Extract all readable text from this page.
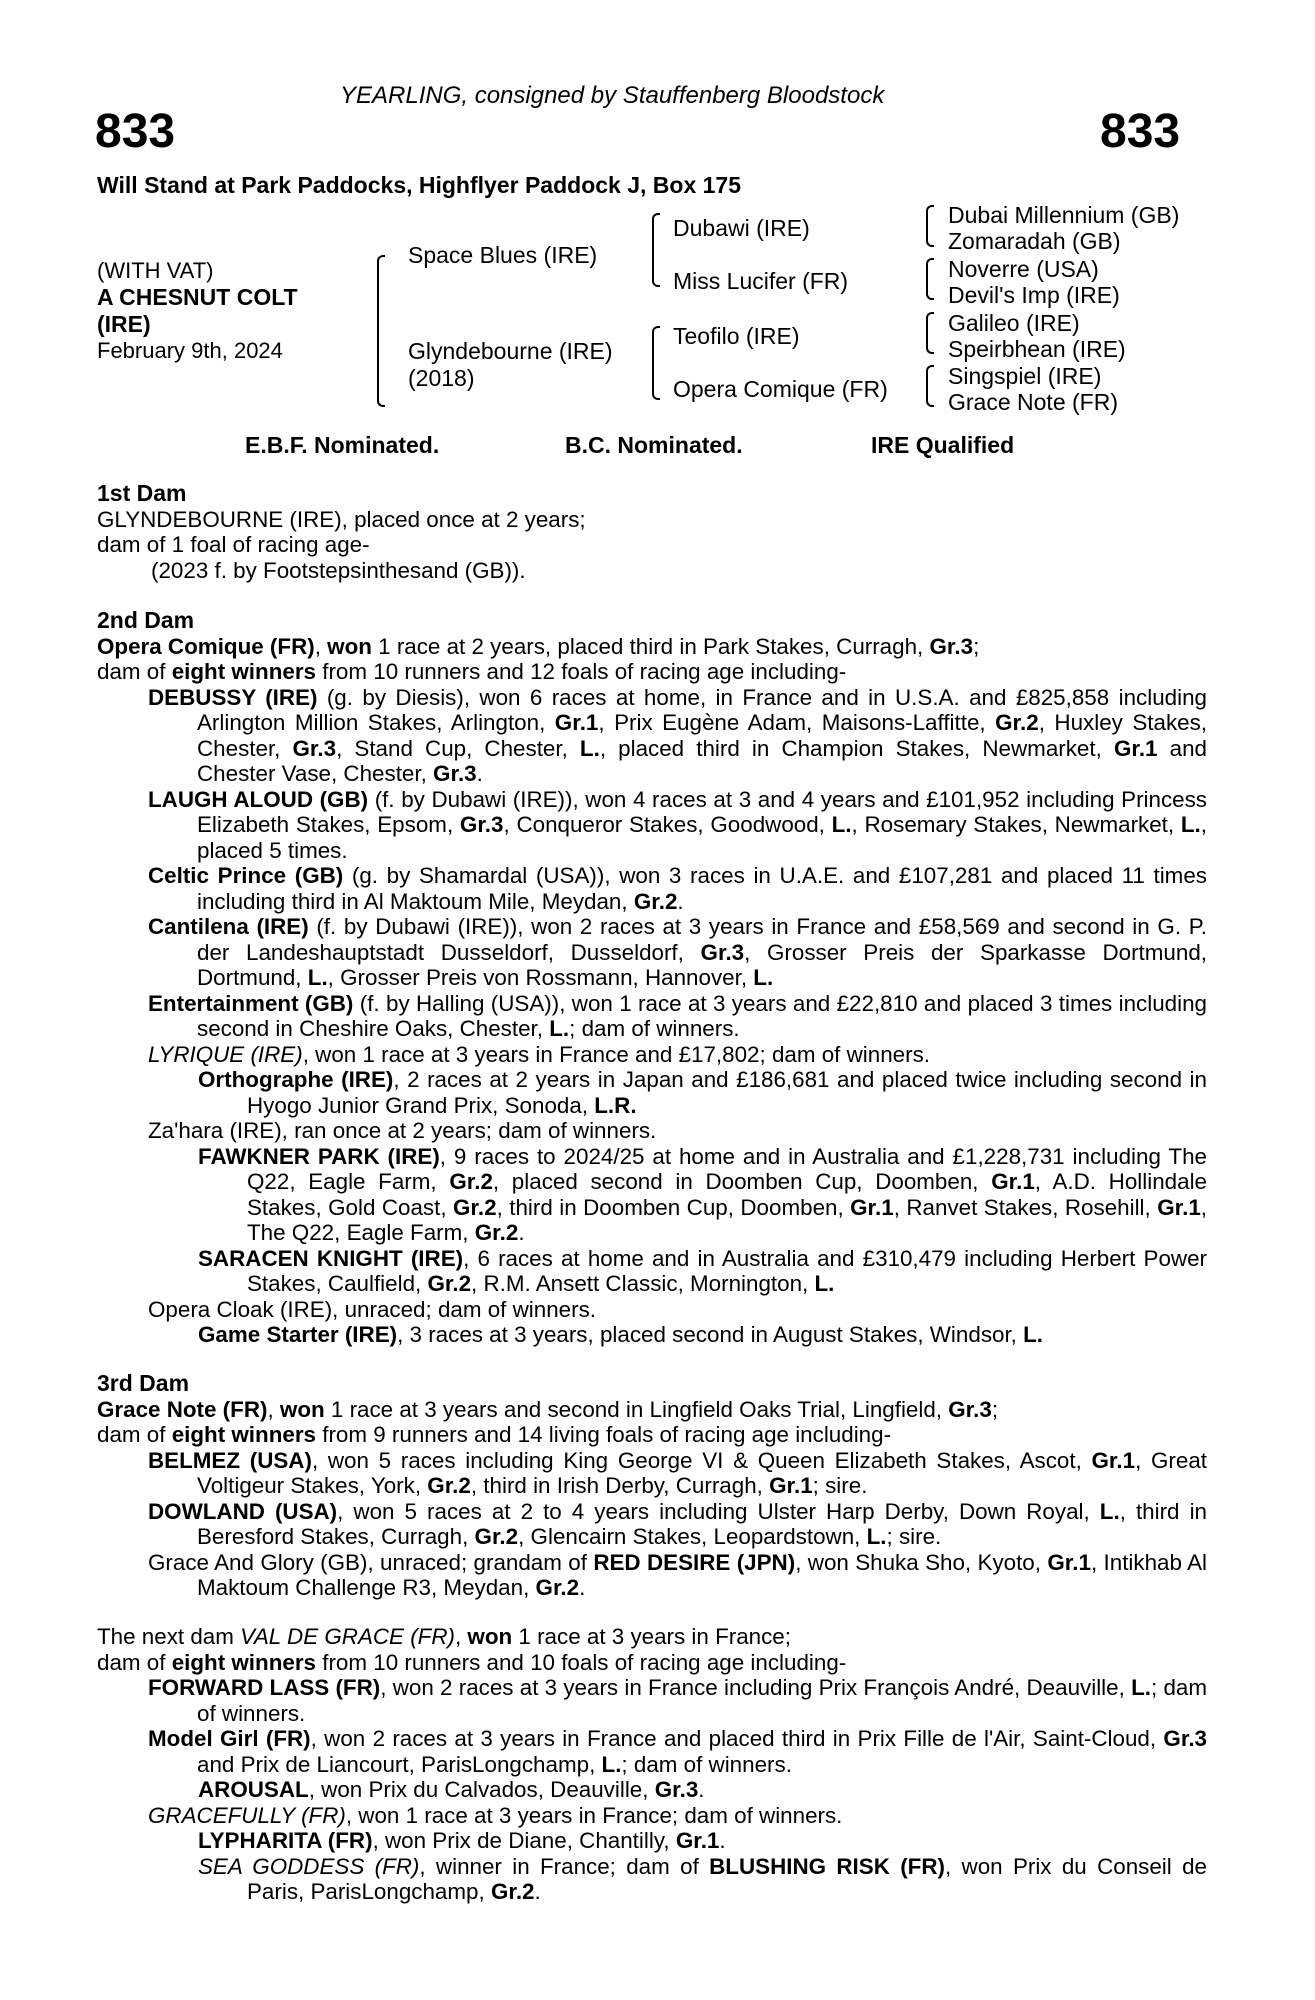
YEARLING, consigned by Stauffenberg Bloodstock
833	833
Will Stand at Park Paddocks, Highflyer Paddock J, Box 175
(WITH VAT)
A CHESNUT COLT
(IRE)
February 9th, 2024
Space Blues (IRE)
Glyndebourne (IRE)
(2018)
Dubawi (IRE)
Miss Lucifer (FR)
Teofilo (IRE)
Opera Comique (FR)
Dubai Millennium (GB)
Zomaradah (GB)
Noverre (USA)
Devil's Imp (IRE)
Galileo (IRE)
Speirbhean (IRE)
Singspiel (IRE)
Grace Note (FR)
E.B.F. Nominated.	B.C. Nominated.	IRE Qualified

1st Dam

GLYNDEBOURNE (IRE), placed once at 2 years;

dam of 1 foal of racing age-

(2023 f. by Footstepsinthesand (GB)).

2nd Dam

Opera Comique (FR), won 1 race at 2 years, placed third in Park Stakes, Curragh, Gr.3;

dam of eight winners from 10 runners and 12 foals of racing age including-

DEBUSSY (IRE) (g. by Diesis), won 6 races at home, in France and in U.S.A. and £825,858 including Arlington Million Stakes, Arlington, Gr.1, Prix Eugène Adam, Maisons-Laffitte, Gr.2, Huxley Stakes, Chester, Gr.3, Stand Cup, Chester, L., placed third in Champion Stakes, Newmarket, Gr.1 and Chester Vase, Chester, Gr.3.

LAUGH ALOUD (GB) (f. by Dubawi (IRE)), won 4 races at 3 and 4 years and £101,952 including Princess Elizabeth Stakes, Epsom, Gr.3, Conqueror Stakes, Goodwood, L., Rosemary Stakes, Newmarket, L., placed 5 times.

Celtic Prince (GB) (g. by Shamardal (USA)), won 3 races in U.A.E. and £107,281 and placed 11 times including third in Al Maktoum Mile, Meydan, Gr.2.

Cantilena (IRE) (f. by Dubawi (IRE)), won 2 races at 3 years in France and £58,569 and second in G. P. der Landeshauptstadt Dusseldorf, Dusseldorf, Gr.3, Grosser Preis der Sparkasse Dortmund, Dortmund, L., Grosser Preis von Rossmann, Hannover, L.

Entertainment (GB) (f. by Halling (USA)), won 1 race at 3 years and £22,810 and placed 3 times including second in Cheshire Oaks, Chester, L.; dam of winners.

LYRIQUE (IRE), won 1 race at 3 years in France and £17,802; dam of winners.

Orthographe (IRE), 2 races at 2 years in Japan and £186,681 and placed twice including second in Hyogo Junior Grand Prix, Sonoda, L.R.

Za'hara (IRE), ran once at 2 years; dam of winners.

FAWKNER PARK (IRE), 9 races to 2024/25 at home and in Australia and £1,228,731 including The Q22, Eagle Farm, Gr.2, placed second in Doomben Cup, Doomben, Gr.1, A.D. Hollindale Stakes, Gold Coast, Gr.2, third in Doomben Cup, Doomben, Gr.1, Ranvet Stakes, Rosehill, Gr.1, The Q22, Eagle Farm, Gr.2.

SARACEN KNIGHT (IRE), 6 races at home and in Australia and £310,479 including Herbert Power Stakes, Caulfield, Gr.2, R.M. Ansett Classic, Mornington, L.

Opera Cloak (IRE), unraced; dam of winners.

Game Starter (IRE), 3 races at 3 years, placed second in August Stakes, Windsor, L.

3rd Dam

Grace Note (FR), won 1 race at 3 years and second in Lingfield Oaks Trial, Lingfield, Gr.3;

dam of eight winners from 9 runners and 14 living foals of racing age including-

BELMEZ (USA), won 5 races including King George VI & Queen Elizabeth Stakes, Ascot, Gr.1, Great Voltigeur Stakes, York, Gr.2, third in Irish Derby, Curragh, Gr.1; sire.

DOWLAND (USA), won 5 races at 2 to 4 years including Ulster Harp Derby, Down Royal, L., third in Beresford Stakes, Curragh, Gr.2, Glencairn Stakes, Leopardstown, L.; sire.

Grace And Glory (GB), unraced; grandam of RED DESIRE (JPN), won Shuka Sho, Kyoto, Gr.1, Intikhab Al Maktoum Challenge R3, Meydan, Gr.2.

The next dam VAL DE GRACE (FR), won 1 race at 3 years in France;

dam of eight winners from 10 runners and 10 foals of racing age including-

FORWARD LASS (FR), won 2 races at 3 years in France including Prix François André, Deauville, L.; dam of winners.

Model Girl (FR), won 2 races at 3 years in France and placed third in Prix Fille de l'Air, Saint-Cloud, Gr.3 and Prix de Liancourt, ParisLongchamp, L.; dam of winners.

AROUSAL, won Prix du Calvados, Deauville, Gr.3.

GRACEFULLY (FR), won 1 race at 3 years in France; dam of winners.

LYPHARITA (FR), won Prix de Diane, Chantilly, Gr.1.

SEA GODDESS (FR), winner in France; dam of BLUSHING RISK (FR), won Prix du Conseil de Paris, ParisLongchamp, Gr.2.
